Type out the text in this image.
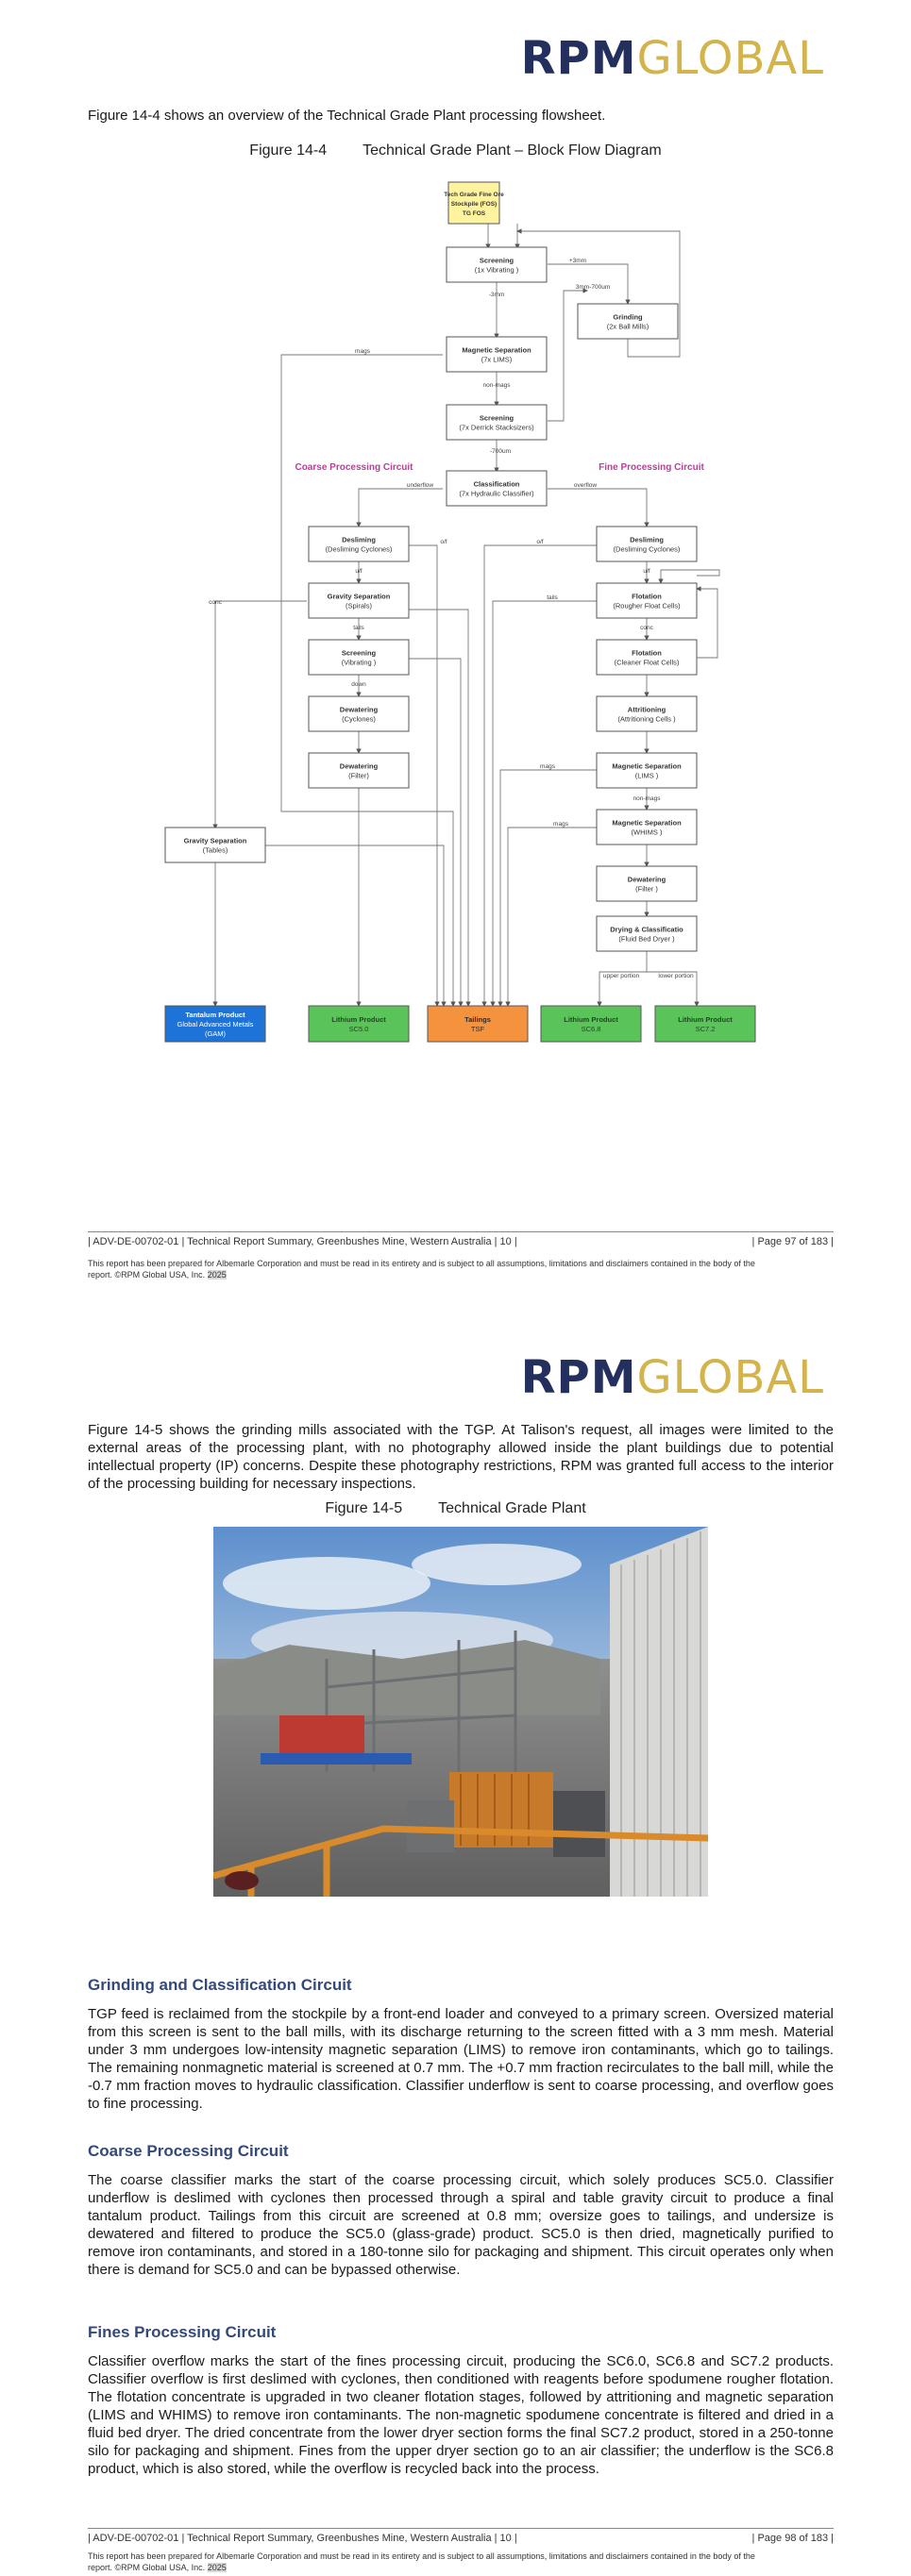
RPMGLOBAL

Figure 14-4 shows an overview of the Technical Grade Plant processing flowsheet.

Figure 14-4 Technical Grade Plant – Block Flow Diagram
+3mm
-3mm
3mm-700um
mags
non-mags
-700um
underflow	overflow
u/f
o/f	o/f
u/f
tails
conc
tails	conc
down
mags
non-mags
mags
upper portion	lower portion
Coarse Processing Circuit	Fine Processing Circuit
Tech Grade Fine Ore
Stockpile (FOS)
TG FOS
Screening
(1x Vibrating )
Grinding
(2x Ball Mills)
Magnetic Separation
(7x LIMS)
Screening
(7x Derrick Stacksizers)
Classification
(7x Hydraulic Classifier)
Desliming
(Desliming Cyclones)
Gravity Separation
(Spirals)
Screening
(Vibrating )
Dewatering
(Cyclones)
Dewatering
(Filter)
Gravity Separation
(Tables)
Desliming
(Desliming Cyclones)
Flotation
(Rougher Float Cells)
Flotation
(Cleaner Float Cells)
Attritioning
(Attritioning Cells )
Magnetic Separation
(LIMS )
Magnetic Separation
(WHIMS )
Dewatering
(Filter )
Drying & Classificatio
(Fluid Bed Dryer )
Tantalum Product
Global Advanced Metals
(GAM)
Lithium Product
SC5.0
Tailings
TSF
Lithium Product
SC6.8
Lithium Product
SC7.2
| ADV-DE-00702-01 | Technical Report Summary, Greenbushes Mine, Western Australia | 10 |	| Page 97 of 183 |
This report has been prepared for Albemarle Corporation and must be read in its entirety and is subject to all assumptions, limitations and disclaimers contained in the body of the
report. ©RPM Global USA, Inc. 2025
RPMGLOBAL

Figure 14-5 shows the grinding mills associated with the TGP. At Talison's request, all images were limited to the external areas of the processing plant, with no photography allowed inside the plant buildings due to potential intellectual property (IP) concerns. Despite these photography restrictions, RPM was granted full access to the interior of the processing building for necessary inspections.

Figure 14-5 Technical Grade Plant
Grinding and Classification Circuit

TGP feed is reclaimed from the stockpile by a front-end loader and conveyed to a primary screen. Oversized material from this screen is sent to the ball mills, with its discharge returning to the screen fitted with a 3 mm mesh. Material under 3 mm undergoes low-intensity magnetic separation (LIMS) to remove iron contaminants, which go to tailings. The remaining nonmagnetic material is screened at 0.7 mm. The +0.7 mm fraction recirculates to the ball mill, while the -0.7 mm fraction moves to hydraulic classification. Classifier underflow is sent to coarse processing, and overflow goes to fine processing.

Coarse Processing Circuit

The coarse classifier marks the start of the coarse processing circuit, which solely produces SC5.0. Classifier underflow is deslimed with cyclones then processed through a spiral and table gravity circuit to produce a final tantalum product. Tailings from this circuit are screened at 0.8 mm; oversize goes to tailings, and undersize is dewatered and filtered to produce the SC5.0 (glass-grade) product. SC5.0 is then dried, magnetically purified to remove iron contaminants, and stored in a 180-tonne silo for packaging and shipment. This circuit operates only when there is demand for SC5.0 and can be bypassed otherwise.

Fines Processing Circuit

Classifier overflow marks the start of the fines processing circuit, producing the SC6.0, SC6.8 and SC7.2 products. Classifier overflow is first deslimed with cyclones, then conditioned with reagents before spodumene rougher flotation. The flotation concentrate is upgraded in two cleaner flotation stages, followed by attritioning and magnetic separation (LIMS and WHIMS) to remove iron contaminants. The non-magnetic spodumene concentrate is filtered and dried in a fluid bed dryer. The dried concentrate from the lower dryer section forms the final SC7.2 product, stored in a 250-tonne silo for packaging and shipment. Fines from the upper dryer section go to an air classifier; the underflow is the SC6.8 product, which is also stored, while the overflow is recycled back into the process.

| ADV-DE-00702-01 | Technical Report Summary, Greenbushes Mine, Western Australia | 10 |	| Page 98 of 183 |
This report has been prepared for Albemarle Corporation and must be read in its entirety and is subject to all assumptions, limitations and disclaimers contained in the body of the
report. ©RPM Global USA, Inc. 2025
